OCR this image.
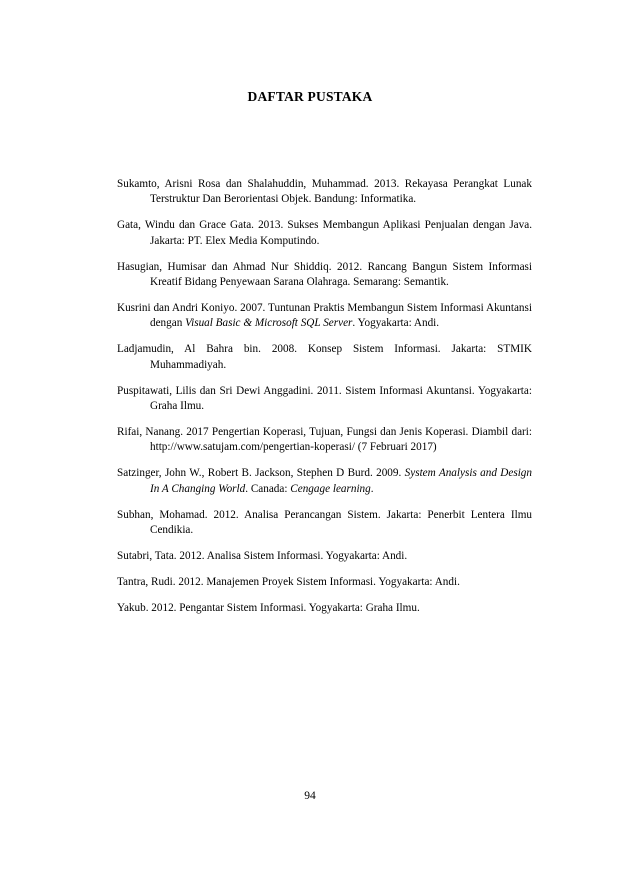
DAFTAR PUSTAKA

Sukamto, Arisni Rosa dan Shalahuddin, Muhammad. 2013. Rekayasa Perangkat Lunak Terstruktur Dan Berorientasi Objek. Bandung: Informatika.

Gata, Windu dan Grace Gata. 2013. Sukses Membangun Aplikasi Penjualan dengan Java. Jakarta: PT. Elex Media Komputindo.

Hasugian, Humisar dan Ahmad Nur Shiddiq. 2012. Rancang Bangun Sistem Informasi Kreatif Bidang Penyewaan Sarana Olahraga. Semarang: Semantik.

Kusrini dan Andri Koniyo. 2007. Tuntunan Praktis Membangun Sistem Informasi Akuntansi dengan Visual Basic & Microsoft SQL Server. Yogyakarta: Andi.

Ladjamudin, Al Bahra bin. 2008. Konsep Sistem Informasi. Jakarta: STMIK Muhammadiyah.

Puspitawati, Lilis dan Sri Dewi Anggadini. 2011. Sistem Informasi Akuntansi. Yogyakarta: Graha Ilmu.

Rifai, Nanang. 2017 Pengertian Koperasi, Tujuan, Fungsi dan Jenis Koperasi. Diambil dari: http://www.satujam.com/pengertian-koperasi/ (7 Februari 2017)

Satzinger, John W., Robert B. Jackson, Stephen D Burd. 2009. System Analysis and Design In A Changing World. Canada: Cengage learning.

Subhan, Mohamad. 2012. Analisa Perancangan Sistem. Jakarta: Penerbit Lentera Ilmu Cendikia.

Sutabri, Tata. 2012. Analisa Sistem Informasi. Yogyakarta: Andi.

Tantra, Rudi. 2012. Manajemen Proyek Sistem Informasi. Yogyakarta: Andi.

Yakub. 2012. Pengantar Sistem Informasi. Yogyakarta: Graha Ilmu.

94
